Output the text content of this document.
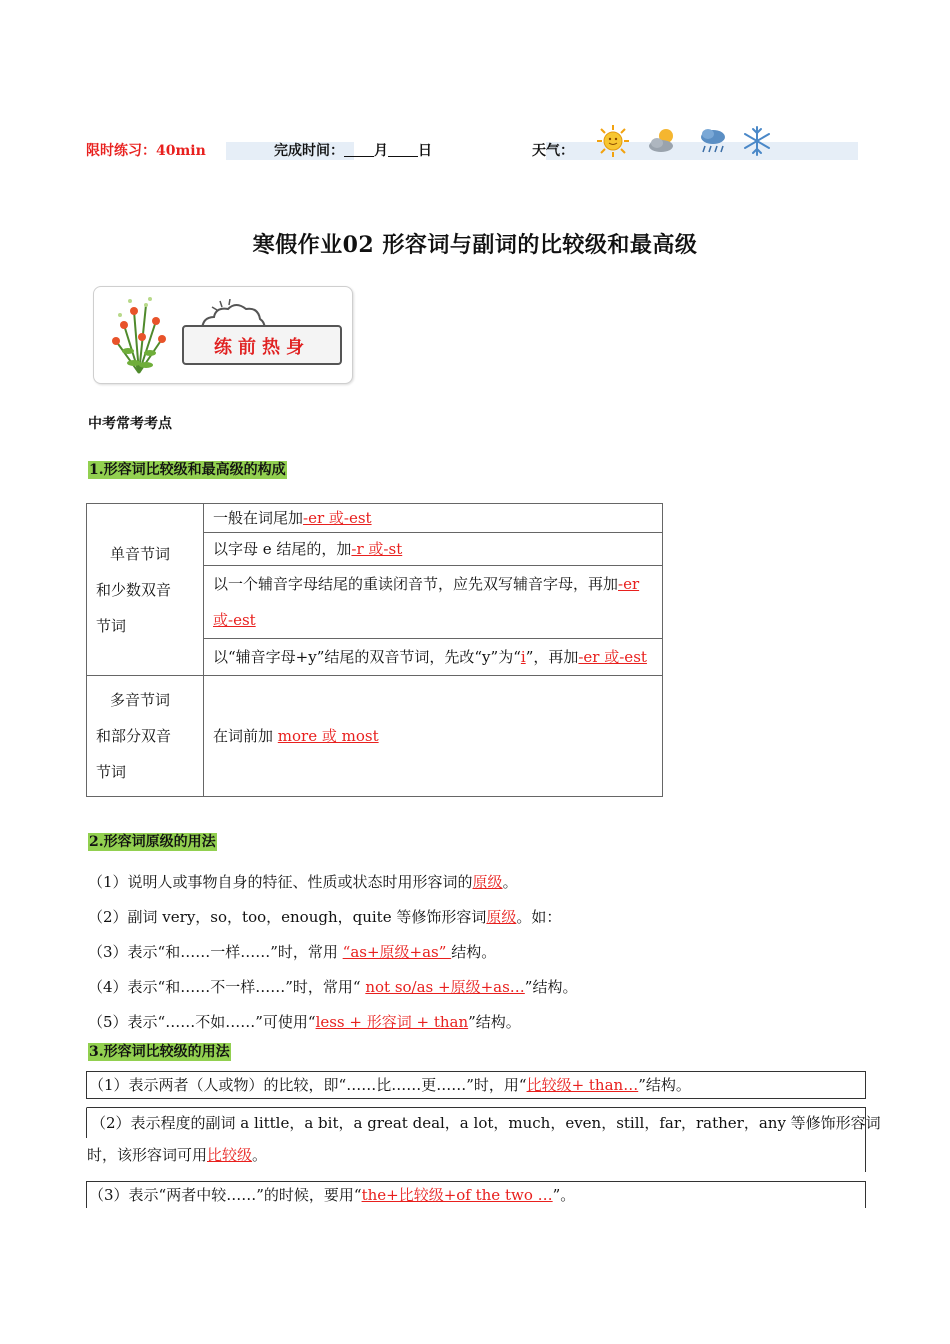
限时练习：40min	完成时间： 月 日	天气：
寒假作业02 形容词与副词的比较级和最高级
练前热身
中考常考考点
1.形容词比较级和最高级的构成
单音节词和少数双音节词	一般在词尾加-er 或-est
	以字母 e 结尾的，加-r 或-st
	以一个辅音字母结尾的重读闭音节，应先双写辅音字母，再加-er 或-est
	以“辅音字母+y”结尾的双音节词，先改“y”为“i”，再加-er 或-est

多音节词和部分双音节词	在词前加 more 或 most
2.形容词原级的用法
（1）说明人或事物自身的特征、性质或状态时用形容词的原级。
（2）副词 very，so，too，enough，quite 等修饰形容词原级。如：
（3）表示“和……一样……”时，常用 “as+原级+as” 结构。
（4）表示“和……不一样……”时，常用“ not so/as +原级+as…”结构。
（5）表示“……不如……”可使用“less + 形容词 + than”结构。
3.形容词比较级的用法
（1）表示两者（人或物）的比较，即“……比……更……”时，用“比较级+ than…”结构。
（2）表示程度的副词 a little，a bit，a great deal，a lot，much，even，still，far，rather，any 等修饰形容词
时，该形容词可用比较级。
（3）表示“两者中较……”的时候，要用“the+比较级+of the two …”。
